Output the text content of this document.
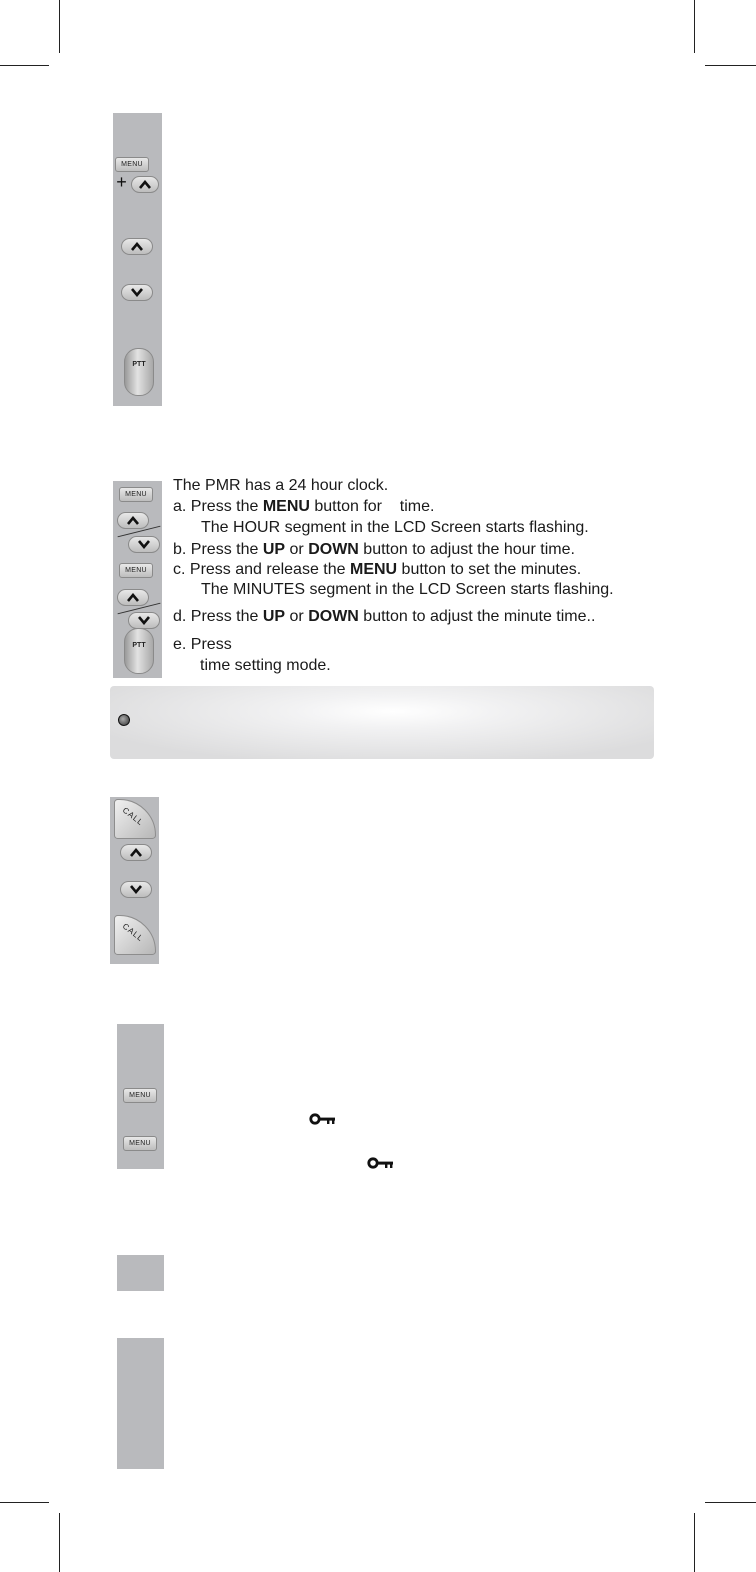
MENU
+
PTT
MENU
MENU
PTT
The PMR has a 24 hour clock.
a. Press the MENU button for    time.
The HOUR segment in the LCD Screen starts flashing.
b. Press the UP or DOWN button to adjust the hour time.
c. Press and release the MENU button to set the minutes.
The MINUTES segment in the LCD Screen starts flashing.
d. Press the UP or DOWN button to adjust the minute time..
e. Press
time setting mode.
CALL
CALL
MENU
MENU
